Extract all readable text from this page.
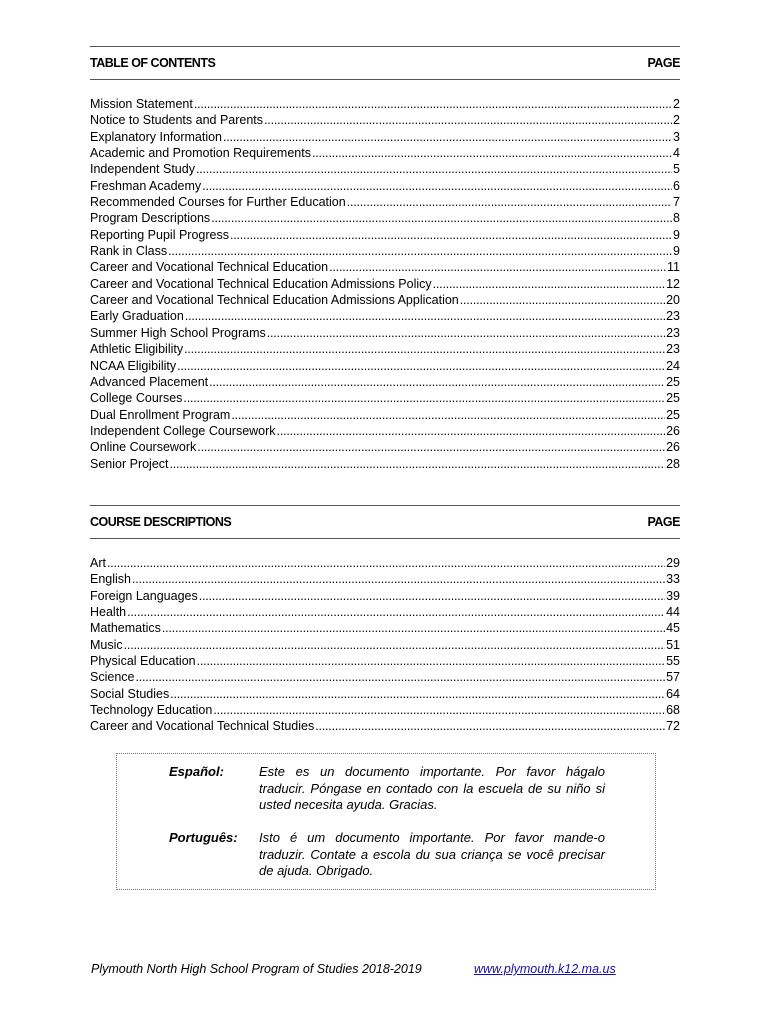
TABLE OF CONTENTS	PAGE
Mission Statement .....	2
Notice to Students and Parents .....	2
Explanatory Information .....	3
Academic and Promotion Requirements .....	4
Independent Study .....	5
Freshman Academy .....	6
Recommended Courses for Further Education .....	7
Program Descriptions .....	8
Reporting Pupil Progress .....	9
Rank in Class .....	9
Career and Vocational Technical Education .....	11
Career and Vocational Technical Education Admissions Policy .....	12
Career and Vocational Technical Education Admissions Application .....	20
Early Graduation .....	23
Summer High School Programs .....	23
Athletic Eligibility .....	23
NCAA Eligibility .....	24
Advanced Placement .....	25
College Courses .....	25
Dual Enrollment Program .....	25
Independent College Coursework .....	26
Online Coursework .....	26
Senior Project .....	28
COURSE DESCRIPTIONS	PAGE
Art .....	29
English .....	33
Foreign Languages .....	39
Health .....	44
Mathematics .....	45
Music .....	51
Physical Education .....	55
Science .....	57
Social Studies .....	64
Technology Education .....	68
Career and Vocational Technical Studies .....	72
Español:	Este es un documento importante. Por favor hágalo traducir. Póngase en contado con la escuela de su niño si usted necesita ayuda. Gracias.
Português: Isto é um documento importante. Por favor mande-o traduzir. Contate a escola du sua criança se você precisar de ajuda. Obrigado.
Plymouth North High School Program of Studies 2018-2019	www.plymouth.k12.ma.us
